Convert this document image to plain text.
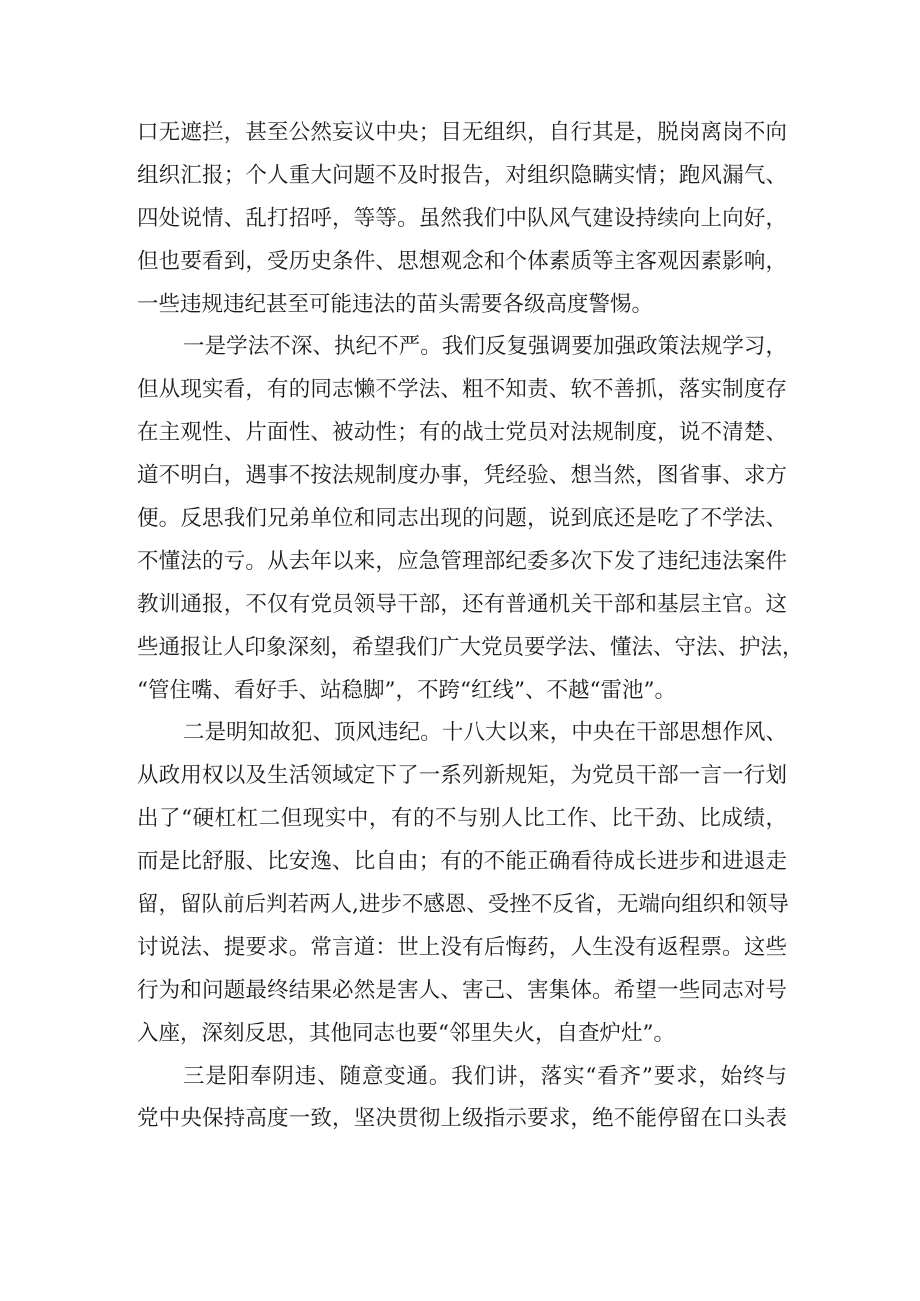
口无遮拦，甚至公然妄议中央；目无组织，自行其是，脱岗离岗不向
组织汇报；个人重大问题不及时报告，对组织隐瞒实情；跑风漏气、
四处说情、乱打招呼，等等。虽然我们中队风气建设持续向上向好，
但也要看到，受历史条件、思想观念和个体素质等主客观因素影响，
一些违规违纪甚至可能违法的苗头需要各级高度警惕。
一是学法不深、执纪不严。我们反复强调要加强政策法规学习，
但从现实看，有的同志懒不学法、粗不知责、软不善抓，落实制度存
在主观性、片面性、被动性；有的战士党员对法规制度，说不清楚、
道不明白，遇事不按法规制度办事，凭经验、想当然，图省事、求方
便。反思我们兄弟单位和同志出现的问题，说到底还是吃了不学法、
不懂法的亏。从去年以来，应急管理部纪委多次下发了违纪违法案件
教训通报，不仅有党员领导干部，还有普通机关干部和基层主官。这
些通报让人印象深刻，希望我们广大党员要学法、懂法、守法、护法，
“管住嘴、看好手、站稳脚”，不跨“红线”、不越“雷池”。
二是明知故犯、顶风违纪。十八大以来，中央在干部思想作风、
从政用权以及生活领域定下了一系列新规矩，为党员干部一言一行划
出了“硬杠杠二但现实中，有的不与别人比工作、比干劲、比成绩，
而是比舒服、比安逸、比自由；有的不能正确看待成长进步和进退走
留，留队前后判若两人,进步不感恩、受挫不反省，无端向组织和领导
讨说法、提要求。常言道：世上没有后悔药，人生没有返程票。这些
行为和问题最终结果必然是害人、害己、害集体。希望一些同志对号
入座，深刻反思，其他同志也要“邻里失火，自查炉灶”。
三是阳奉阴违、随意变通。我们讲，落实“看齐”要求，始终与
党中央保持高度一致，坚决贯彻上级指示要求，绝不能停留在口头表
